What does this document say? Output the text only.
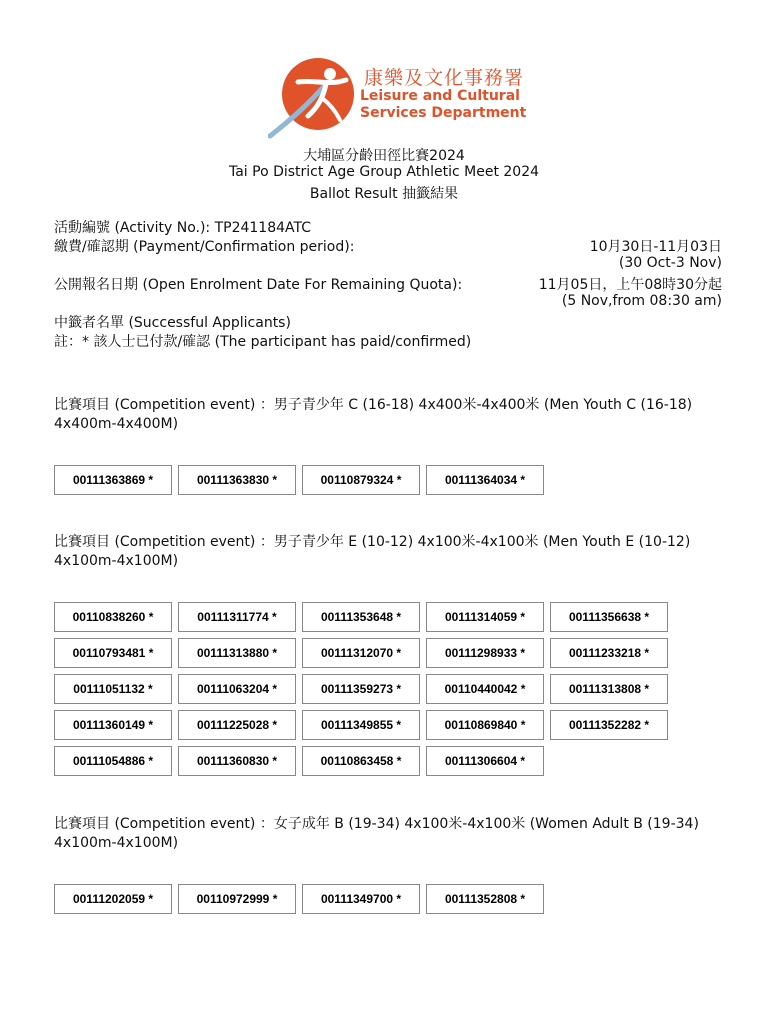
康樂及文化事務署
Leisure and Cultural
Services Department
大埔區分齡田徑比賽2024
Tai Po District Age Group Athletic Meet 2024
Ballot Result 抽籤結果
活動編號 (Activity No.): TP241184ATC
繳費/確認期 (Payment/Confirmation period):	10月30日-11月03日
(30 Oct-3 Nov)
公開報名日期 (Open Enrolment Date For Remaining Quota):	11月05日，上午08時30分起
(5 Nov,from 08:30 am)
中籤者名單 (Successful Applicants)
註：* 該人士已付款/確認 (The participant has paid/confirmed)
比賽項目 (Competition event) ：男子青少年 C (16-18) 4x400米-4x400米 (Men Youth C (16-18) 4x400m-4x400M)
00111363869 *	00111363830 *	00110879324 *	00111364034 *
比賽項目 (Competition event) ：男子青少年 E (10-12) 4x100米-4x100米 (Men Youth E (10-12) 4x100m-4x100M)
00110838260 *	00111311774 *	00111353648 *	00111314059 *	00111356638 *
00110793481 *	00111313880 *	00111312070 *	00111298933 *	00111233218 *
00111051132 *	00111063204 *	00111359273 *	00110440042 *	00111313808 *
00111360149 *	00111225028 *	00111349855 *	00110869840 *	00111352282 *
00111054886 *	00111360830 *	00110863458 *	00111306604 *
比賽項目 (Competition event) ：女子成年 B (19-34) 4x100米-4x100米 (Women Adult B (19-34) 4x100m-4x100M)
00111202059 *	00110972999 *	00111349700 *	00111352808 *
